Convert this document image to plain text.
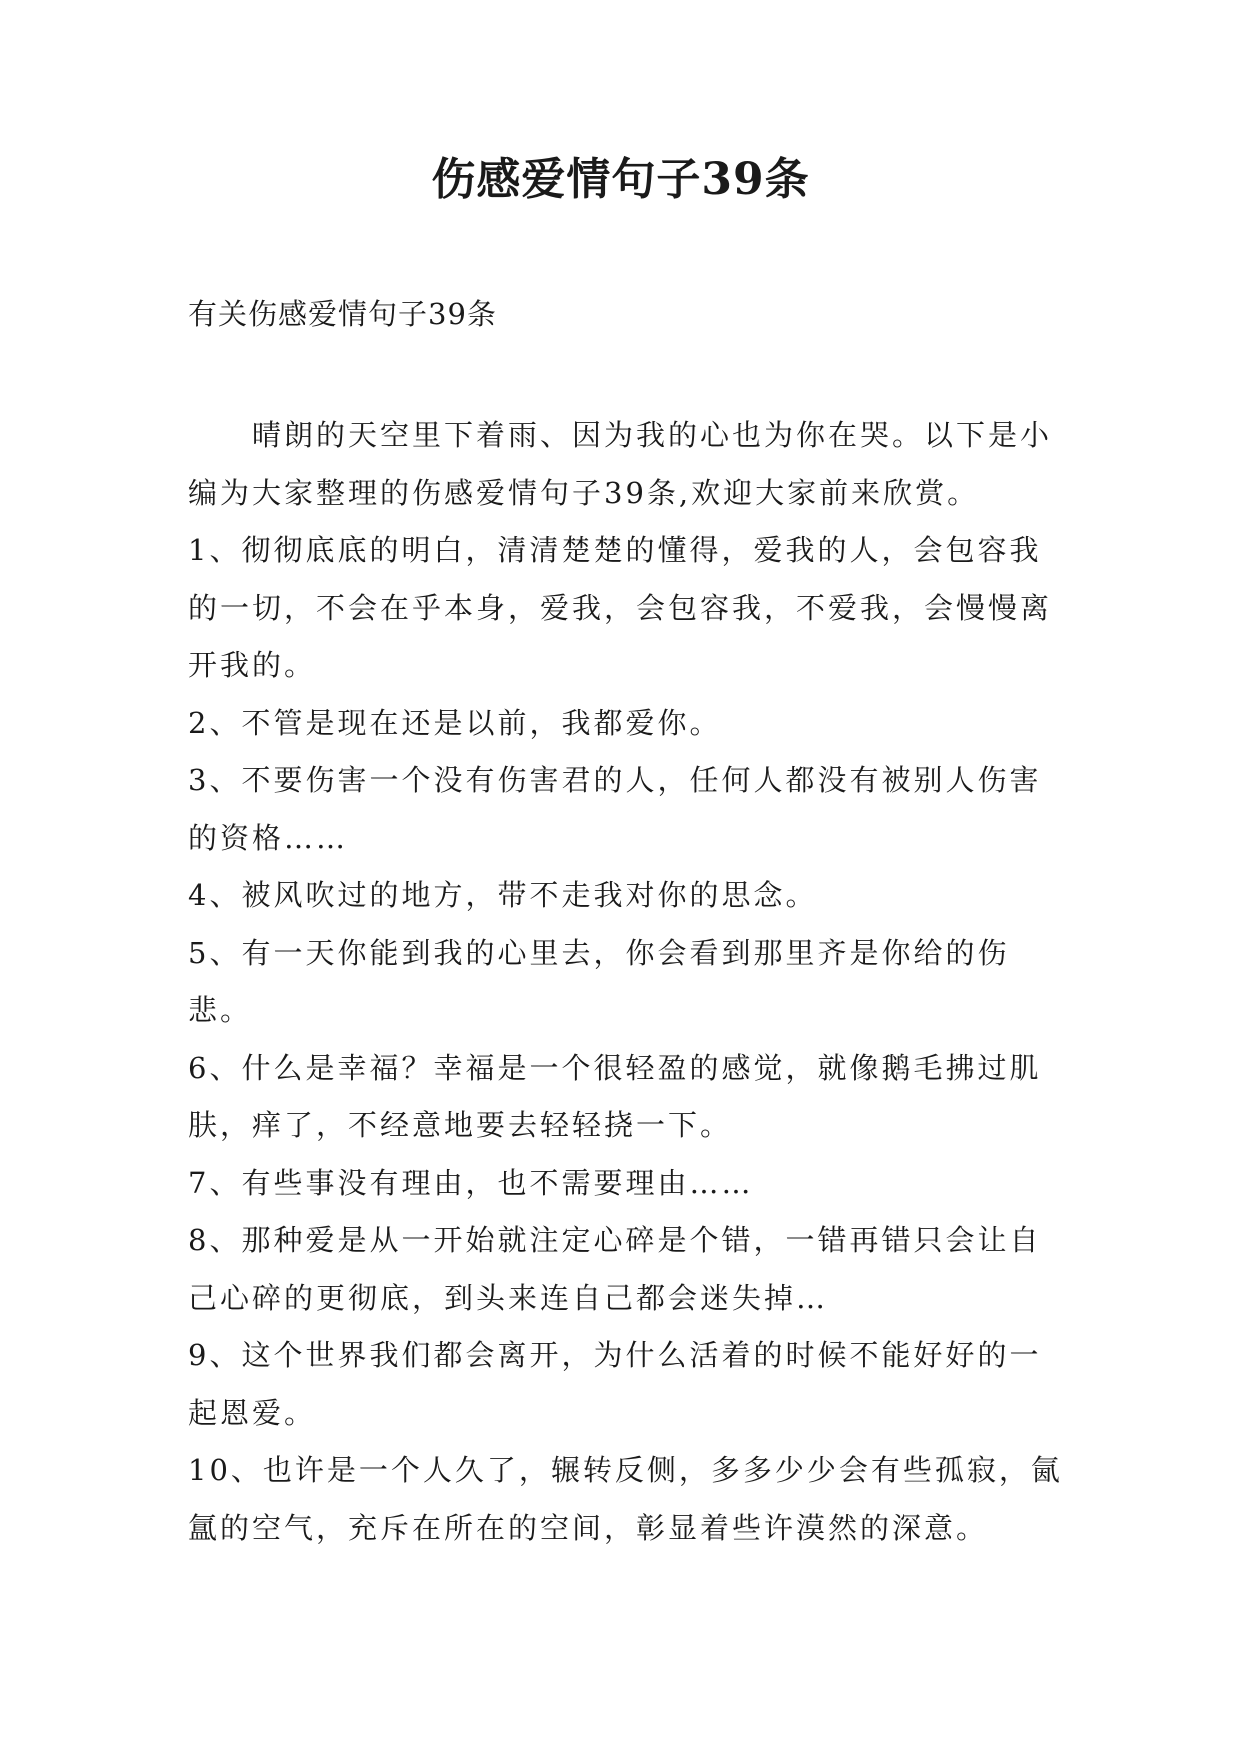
伤感爱情句子39条
有关伤感爱情句子39条

晴朗的天空里下着雨、因为我的心也为你在哭。以下是小编为大家整理的伤感爱情句子39条,欢迎大家前来欣赏。

1、彻彻底底的明白，清清楚楚的懂得，爱我的人，会包容我的一切，不会在乎本身，爱我，会包容我，不爱我，会慢慢离开我的。

2、不管是现在还是以前，我都爱你。

3、不要伤害一个没有伤害君的人，任何人都没有被别人伤害的资格……

4、被风吹过的地方，带不走我对你的思念。

5、有一天你能到我的心里去，你会看到那里齐是你给的伤悲。

6、什么是幸福？幸福是一个很轻盈的感觉，就像鹅毛拂过肌肤，痒了，不经意地要去轻轻挠一下。

7、有些事没有理由，也不需要理由……

8、那种爱是从一开始就注定心碎是个错，一错再错只会让自己心碎的更彻底，到头来连自己都会迷失掉…

9、这个世界我们都会离开，为什么活着的时候不能好好的一起恩爱。

10、也许是一个人久了，辗转反侧，多多少少会有些孤寂，氤氲的空气，充斥在所在的空间，彰显着些许漠然的深意。
